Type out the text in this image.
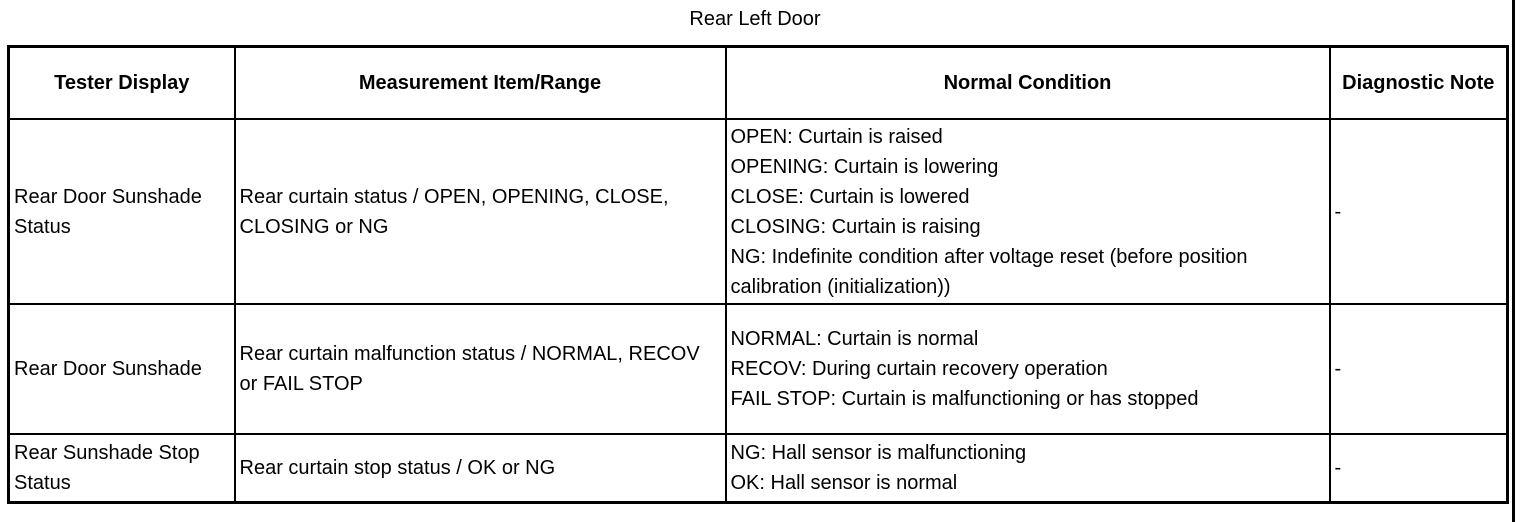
Rear Left Door
Tester Display	Measurement Item/Range	Normal Condition	Diagnostic Note
Rear Door Sunshade Status	Rear curtain status / OPEN, OPENING, CLOSE, CLOSING or NG	OPEN: Curtain is raised
OPENING: Curtain is lowering
CLOSE: Curtain is lowered
CLOSING: Curtain is raising
NG: Indefinite condition after voltage reset (before position calibration (initialization))	-
Rear Door Sunshade	Rear curtain malfunction status / NORMAL, RECOV or FAIL STOP	NORMAL: Curtain is normal
RECOV: During curtain recovery operation
FAIL STOP: Curtain is malfunctioning or has stopped	-
Rear Sunshade Stop Status	Rear curtain stop status / OK or NG	NG: Hall sensor is malfunctioning
OK: Hall sensor is normal	-
